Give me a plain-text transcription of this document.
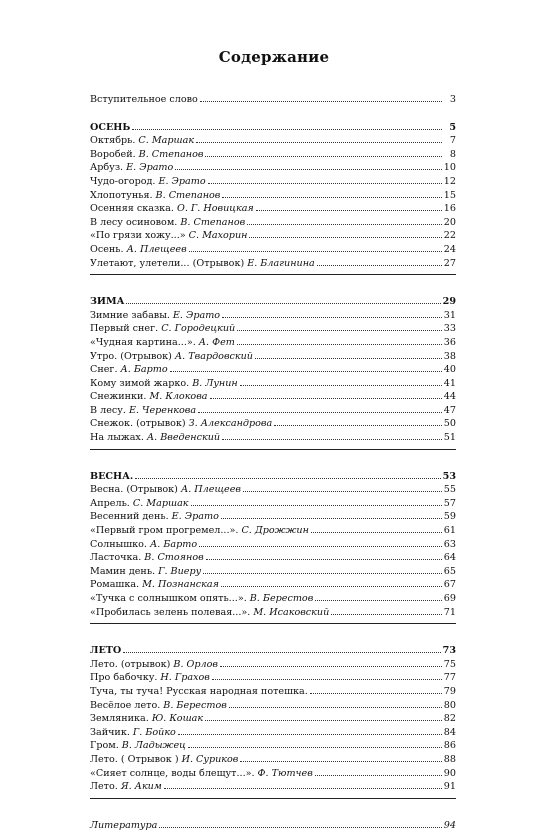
Содержание
Вступительное слово	3
ОСЕНЬ	5
Октябрь. С. Маршак	7
Воробей. В. Степанов	8
Арбуз. Е. Эрато	10
Чудо-огород. Е. Эрато	12
Хлопотунья. В. Степанов	15
Осенняя сказка. О. Г. Новицкая	16
В лесу осиновом. В. Степанов	20
«По грязи хожу...» С. Махорин	22
Осень. А. Плещеев	24
Улетают, улетели... (Отрывок) Е. Благинина	27
ЗИМА	29
Зимние забавы. Е. Эрато	31
Первый снег. С. Городецкий	33
«Чудная картина...». А. Фет	36
Утро. (Отрывок) А. Твардовский	38
Снег. А. Барто	40
Кому зимой жарко. В. Лунин	41
Снежинки. М. Клокова	44
В лесу. Е. Черенкова	47
Снежок. (отрывок) З. Александрова	50
На лыжах. А. Введенский	51
ВЕСНА.	53
Весна. (Отрывок) А. Плещеев	55
Апрель. С. Маршак	57
Весенний день. Е. Эрато	59
«Первый гром прогремел...». С. Дрожжин	61
Солнышко. А. Барто	63
Ласточка. В. Стоянов	64
Мамин день. Г. Виеру	65
Ромашка. М. Познанская	67
«Тучка с солнышком опять...». В. Берестов	69
«Пробилась зелень полевая...». М. Исаковский	71
ЛЕТО	73
Лето. (отрывок) В. Орлов	75
Про бабочку. Н. Грахов	77
Туча, ты туча! Русская народная потешка.	79
Весёлое лето. В. Берестов	80
Земляника. Ю. Кошак	82
Зайчик. Г. Бойко	84
Гром. В. Ладыжец	86
Лето. ( Отрывок ) И. Суриков	88
«Сияет солнце, воды блещут...». Ф. Тютчев	90
Лето. Я. Аким	91
Литература	94
